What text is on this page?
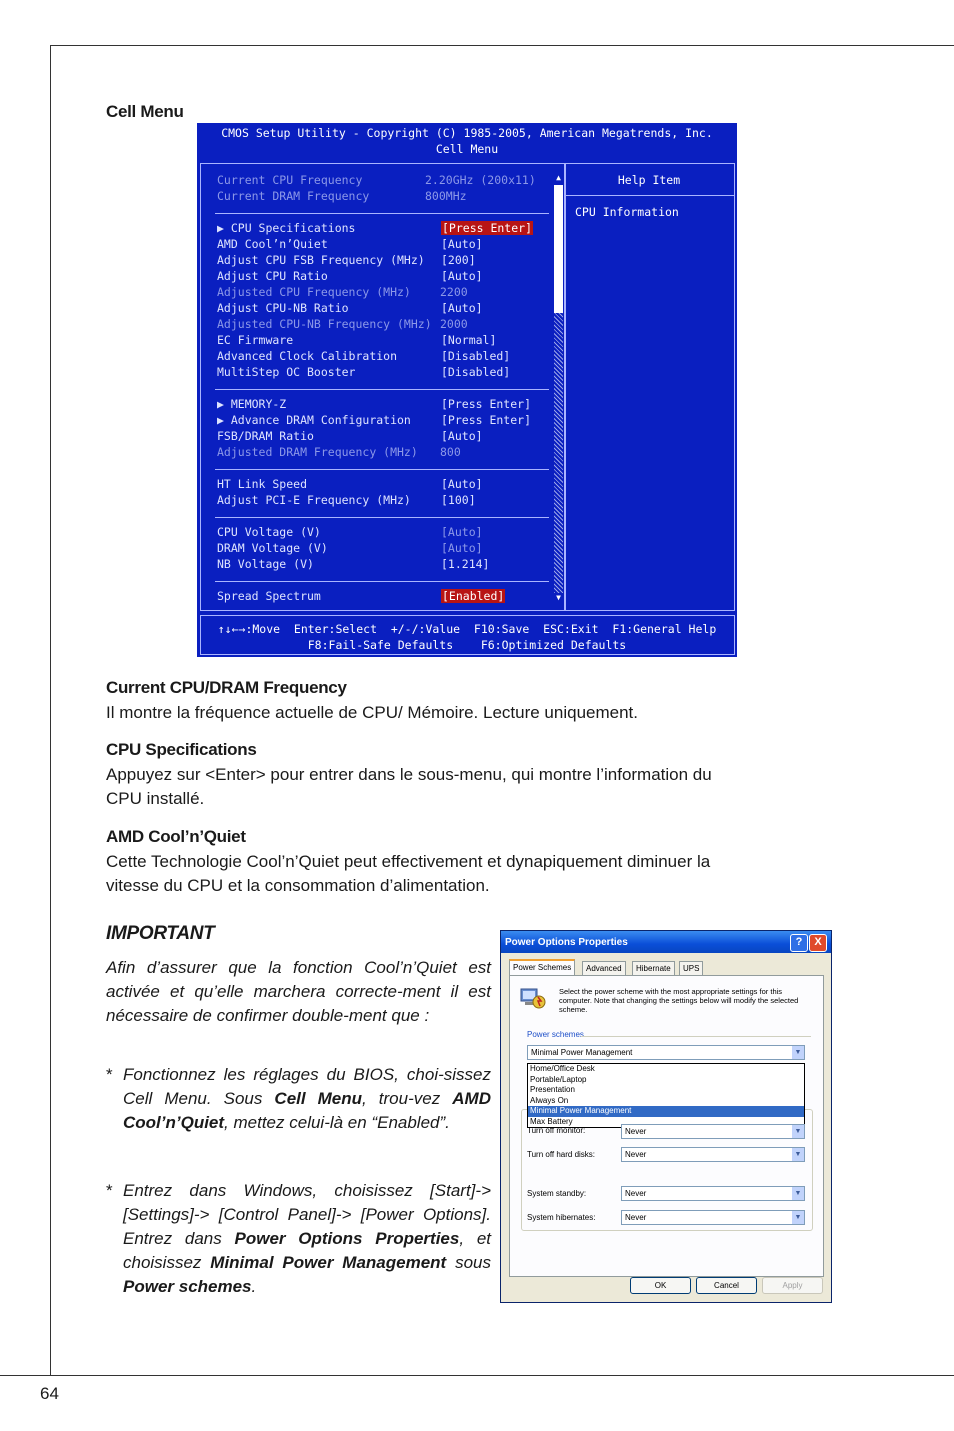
Cell Menu
CMOS Setup Utility - Copyright (C) 1985-2005, American Megatrends, Inc.
Cell Menu
Current CPU Frequency	2.20GHz (200x11)
Current DRAM Frequency	800MHz
▶ CPU Specifications	[Press Enter]
AMD Cool’n’Quiet	[Auto]
Adjust CPU FSB Frequency (MHz) [200]
Adjust CPU Ratio	[Auto]
Adjusted CPU Frequency (MHz)	2200
Adjust CPU-NB Ratio	[Auto]
Adjusted CPU-NB Frequency (MHz) 2000
EC Firmware	[Normal]
Advanced Clock Calibration	[Disabled]
MultiStep OC Booster	[Disabled]
▶ MEMORY-Z	[Press Enter]
▶ Advance DRAM Configuration	[Press Enter]
FSB/DRAM Ratio	[Auto]
Adjusted DRAM Frequency (MHz) 800
HT Link Speed	[Auto]
Adjust PCI-E Frequency (MHz)	[100]
CPU Voltage (V)	[Auto]
DRAM Voltage (V)	[Auto]
NB Voltage (V)	[1.214]
Spread Spectrum	[Enabled]
▲
▼
Help Item
CPU Information
↑↓←→:Move  Enter:Select  +/-/:Value  F10:Save  ESC:Exit  F1:General Help
F8:Fail-Safe Defaults    F6:Optimized Defaults
Current CPU/DRAM Frequency
Il montre la fréquence actuelle de CPU/ Mémoire. Lecture uniquement.
CPU Specifications
Appuyez sur <Enter> pour entrer dans le sous-menu, qui montre l’information du
CPU installé.
AMD Cool’n’Quiet
Cette Technologie Cool’n’Quiet peut effectivement et dynapiquement diminuer la
vitesse du CPU et la consommation d’alimentation.
IMPORTANT
Afin d’assurer que la fonction Cool’n’Quiet est activée et qu’elle marchera correcte-ment il est nécessaire de confirmer double-ment que :
* Fonctionnez les réglages du BIOS, choi-sissez Cell Menu. Sous Cell Menu, trou-vez AMD Cool’n’Quiet, mettez celui-là en “Enabled”.
* Entrez dans Windows, choisissez [Start]-> [Settings]-> [Control Panel]-> [Power Options]. Entrez dans Power Options Properties, et choisissez Minimal Power Management sous Power schemes.
Power Options Properties	?	X
Power Schemes	Advanced	Hibernate	UPS
Select the power scheme with the most appropriate settings for this computer. Note that changing the settings below will modify the selected scheme.
Power schemes
Minimal Power Management	▼
Home/Office Desk
Portable/Laptop
Presentation
Always On
Minimal Power Management
Max Battery
Turn off monitor:	Never	▼
Turn off hard disks:	Never	▼
System standby:	Never	▼
System hibernates:	Never	▼
OK	Cancel	Apply
64
